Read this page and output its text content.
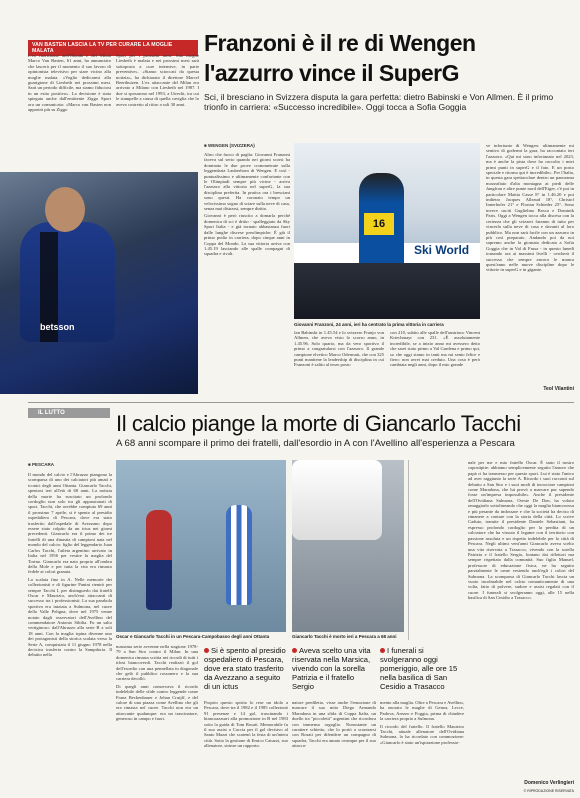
VAN BASTEN LASCIA LA TV PER CURARE LA MOGLIE MALATA
L'ex fuoriclasse dell'Olanda e del Milan Marco Van Basten, 61 anni, ha annunciato che lascerà per il momento il suo lavoro di opinionista televisivo per stare vicino alla moglie malata. «Voglio dedicarmi alla guarigione di Liesbeth nei prossimi mesi. Sarà un periodo difficile, ma siamo fiduciosi in un esito positivo». La decisione è stata spiegata anche dall'emittente Ziggo Sport ora un comunicato: «Marco van Basten non apparirà più su Ziggo
Sport per i prossimi mesi. Sua moglie Liesbeth è malata e nei prossimi mesi sarà sottoposta a cure intensive, in parte preventive». «Siamo scioccati da questa notizia», ha dichiarato il direttore Marcel Beerthuizen. L'ex attaccante del Milan era arrivato a Milano con Liesbeth nel 1987. I due si sposarono nel 1993, a Utrecht, tra cui le stampelle a causa di quella caviglia che lo aveva costretto al ritiro a soli 30 anni.
betsson
Franzoni è il re di Wengen
l'azzurro vince il SuperG
Sci, il bresciano in Svizzera disputa la gara perfetta: dietro Babinski e Von Allmen. È il primo trionfo in carriera: «Successo incredibile». Oggi tocca a Sofia Goggia
■ WENGEN (SVIZZERA)

Altro che fuoco di paglia: Giovanni Franzoni faceva sul serio quando nei giorni scorsi ha dominato le due prove cronometrate sulla leggendaria Lauberhorn di Wengen. E così - puntualissimo e ultimamente confortante con le Olimpiadi sempre più vicine - arriva l'azzurro alla vittoria nel superG, la sua disciplina preferita. In pratica ora i bresciani sono questi. Ha coronato tempo un velocissimo sogno di sciare sulla neve di casa, senza mai distrarsi, sempre diritto.

Giovanni è però riuscito a domarla perché domenica di sci è dritto - spalleggiato da Sky Sport Italia - e già tornato abbastanza fuori dalle lunghe discese preolimpiche. È già il primo podio in carriera, dopo cinque anni in Coppa del Mondo. La sua vittoria arriva con 1.45.19 lasciando alle spalle compagni di squadra e rivali.	Ski World
16
Giovanni Franzoni, 24 anni, ieri ha centrato la prima vittoria in carriera
fan Babinski in 1.45.54 e lo svizzero Franjo von Allmen, che avevo visto lo scorso anno, in 1.45.96. Solo quarto, ma da vero sportivo il primo a congratularsi con l'azzurro. Il grande campione elvetico Marco Odermatt, che con 325 punti mantiene la leadership di disciplina in cui Franzoni è salito al terzo posto
con 210, subito alle spalle dell'austriaco Vincent Kriechmayr con 231. «È assolutamente incredibile, se a inizio anno mi avessero detto che sarei stato primo a Val Gardena e primo qui, so che oggi siamo in tanti ma mi sento felice e fiero: non avrei mai creduto. Una cosa è però cambiata negli anni, dopo il mio grande
ve infortunio di Wengen: ultimamente mi sentivo di godermi la gara, ha raccontato ieri l'azzurro. «Qui mi sono infortunato nel 2023, ma è anche la pista dove ho raccolto i miei primi punti in superG e il fato. E un posto speciale e ritorno qui è incredibile». Per l'Italia, in questa gara spettacolare dentro un panorama mozzafiato d'alta montagna ai piedi delle Jungfrau e altre punte nord dell'Eiger, c'è poi in particolare Mattia Casse 8° in 1.46.20 e poi indietro Jacques Alleaud 18°, Christof Innerhofer 21° e Florian Schieder 25°. Sono invece usciti Guglielmo Bosca e Dominik Paris. Oggi a Wengen tocca alla discesa con la certezza che gli svizzeri faranno di tutto per vincerla sulla neve di casa e davanti al loro pubblico. Ma non sarà facile con un azzurro in più così preparato. Andando poi da noi sapremo anche la giornata dedicata a Sofia Goggia che in Val di Fassa - in questo lunedì tornando ora ai massimi livelli - cercherà il successo che sempre ancora le manca quest'anno nelle nuove discipline dopo le vittorie in superG e in gigante.
Teol Vilantini
IL LUTTO	Il calcio piange la morte di Giancarlo Tacchi
A 68 anni scompare il primo dei fratelli, dall'esordio in A con l'Avellino all'esperienza a Pescara
■ PESCARA

Il mondo del calcio e l'Abruzzo piangono la scomparsa di uno dei calciatori più amati e iconici degli anni Ottanta. Giancarlo Tacchi, spentosi ieri all'età di 68 anni. La notizia della morte ha suscitato un profondo cordoglio non solo tra gli appassionati di sport. Tacchi, che avrebbe compiuto 69 anni il prossimo 7 aprile, si è spento al presidio ospedaliero di Pescara, dove era stato trasferito dall'ospedale di Avezzano dopo essere stato colpito da un ictus nei giorni precedenti. Giancarlo era il primo dei tre fratelli di una dinastia di campioni nata nel mondo del calcio: figlio del leggendario Juan Carlos Tacchi, l'atleta argentino arrivato in Italia nel 1956 per vestire la maglia del Torino. Giancarlo era nato proprio all'ombra della Mole e per tutta la vita era rimasto fedele ai colori granata.

La scalata fino in A. Nelle memorie dei collezionisti e di figurine Panini rientrò per sempre Tacchi I, per distinguerlo dai fratelli Oscar e Maurizio, anch'essi attaccanti di successo tra i professionisti. La sua parabola sportiva era iniziata a Sulmona, nel cuore della Valle Peligna, dove nel 1975 venne notato dagli osservatori dell'Avellino del commendatore Antonio Sibilia. Fu un salto vertiginoso: dall'Abruzzo alla serie B a soli 18 anni. Con la maglia irpina divenne uno dei protagonisti della storica scalata verso la Serie A, conquistata il 11 giugno 1978 nella decisiva trasferta contro la Sampdoria. Il debutto nella

Oscar e Giancarlo Tacchi in un Pescara-Campobasso degli anni Ottanta	Giancarlo Tacchi è morto ieri a Pescara a 68 anni

massima serie avvenne nella stagione 1978-79 a San Siro contro il Milan. In una domenica rimasta scritta nei ricordi di tutti i tifosi biancoverdi. Tacchi realizzò il gol dell'esordio con una pennellata in diagonale che gelò il pubblico rossonero e la sua carriera decollò.

Di quegli anni conservava il ricordo indelebile delle sfide contro leggende come Franz Beckenbauer e Johan Cruijff, e del calore di una piazza come Avellino che gli era rimasta nel cuore. Tacchi non era un attaccante qualunque: era un trascinatore, generoso in campo e fuori.

Si è spento al presidio ospedaliero di Pescara, dove era stato trasferito da Avezzano a seguito di un ictus
Proprio questo spirito lo rese un idolo a Pescara, dove tra il 1982 e il 1985 collezionò 91 presenze e 14 gol, trascinando i biancoazzurri alla promozione in B nel 1983 sotto la guida di Tom Rosati. Memorabile fu il suo assist a Caccia per il gol decisivo al Santo Mazzi che scatenò la festa di un'intera città. Sotto la gestione di Enrico Catuzzi, suo allenatore, strinse un rapporto.
Aveva scelto una vita riservata nella Marsica, vivendo con la sorella Patrizia e il fratello Sergio
natore prediletto, visse anche l'emozione di marcare il suo mito Diego Armando Maradona in una sfida di Coppa Italia, un duello tra "piccoletti" argentini che ricordava con immenso orgoglio. Nonostante un carattere schietto, che lo portò a scontrarsi con Rosati per difendere un compagno di squadra, Tacchi era amato ovunque per il suo attacca-
I funerali si svolgeranno oggi pomeriggio, alle ore 15 nella basilica di San Cesidio a Trasacco

mento alla maglia. Oltre a Pescara e Avellino, ha onorato le maglie di Genoa, Lecce, Padova, Arezzo e Foggia, prima di chiudere la carriera proprio a Sulmona.

Il ricordo del fratello. Il fratello Maurizio Tacchi, attuale allenatore dell'Ovidiana Sulmona, lo ha ricordato con commozione: «Giancarlo è stato un'ispirazione professio-

nale per me e mio fratello Oscar. È stato il nostro capostipite: abbiamo semplicemente seguito l'amore che papà ci ha trasmesso per questo sport. Lui è stato l'unico ad aver raggiunto la serie A. Ricordo i suoi racconti sul debutto a San Siro e i suoi modi di incrociare campioni come Maradona, che lui provò a marcare pur sapendo fosse un'impresa impossibile». Anche il presidente dell'Ovidiana Sulmona, Oreste De Don, ha voluto omaggiarlo sottolineando che oggi la maglia biancorossa e più pesante da indossare e che la società ha deciso di rimanere a contare con la storia della città. Lo scrive Caduto, tramite il presidente Daniele Sebastiani, ha espresso profondo cordoglio per la perdita di un calciatore che ha vissuto il legame con il territorio con passione assoluta e un rispetto indelebile per la città di Pescara. Negli ultimi vent'anni Giancarlo aveva scelto una vita riservata a Trasacco, vivendo con la sorella Patrizia e il fratello Sergio, lontano dai riflettori ma sempre rispettato dalla comunità. Suo figlio Manuel, professore di educazione fisica, ne ha seguito parzialmente le orme vestendo anch'egli i colori del Sulmona. La scomparsa di Giancarlo Tacchi lascia un vuoto incolmabile nel calcio romanticamente di una volta, fatto di polvere, sudore e assist regalati con il cuore. I funerali si svolgeranno oggi, alle 15 nella basilica di San Cesidio a Trasacco.
Domenico Verlingieri
© RIPRODUZIONE RISERVATA
